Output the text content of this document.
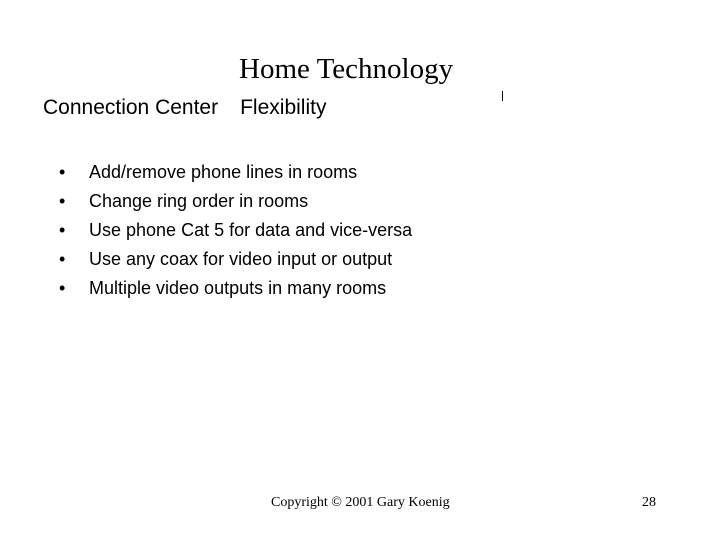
Home Technology
Connection Center Flexibility
• Add/remove phone lines in rooms
• Change ring order in rooms
• Use phone Cat 5 for data and vice-versa
• Use any coax for video input or output
• Multiple video outputs in many rooms
Copyright © 2001 Gary Koenig	28
